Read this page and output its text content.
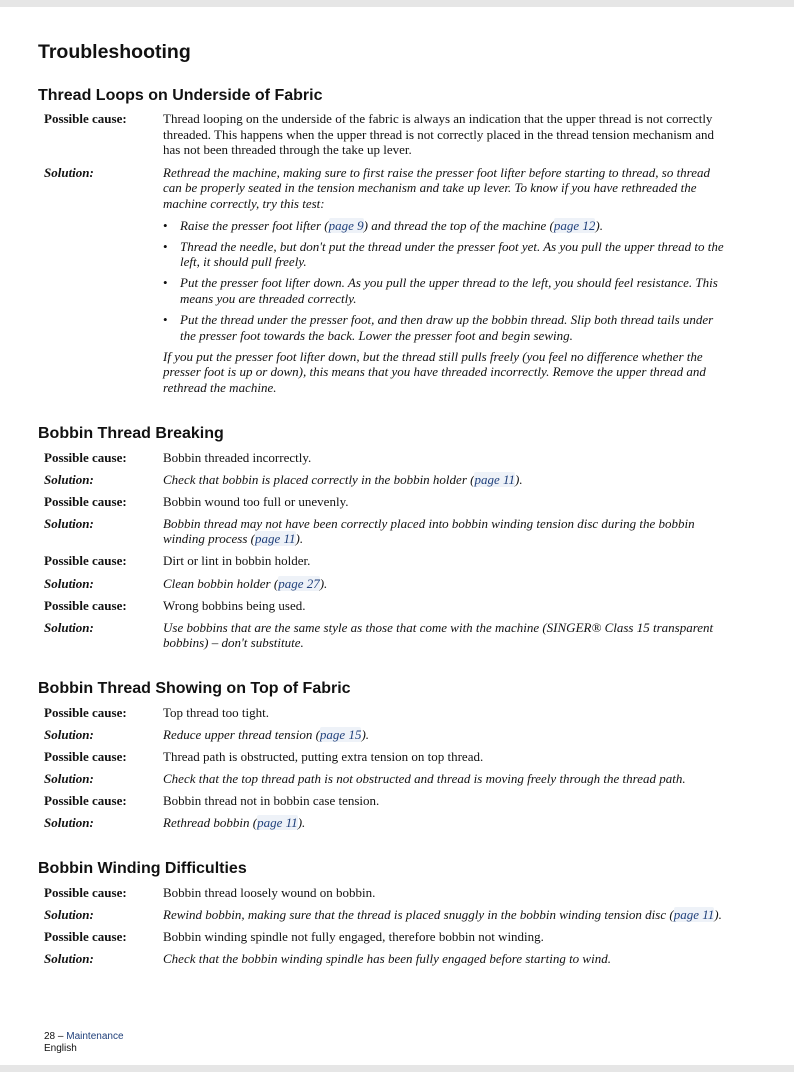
Troubleshooting
Thread Loops on Underside of Fabric
Possible cause:	Thread looping on the underside of the fabric is always an indication that the upper thread is not correctly threaded. This happens when the upper thread is not correctly placed in the thread tension mechanism and has not been threaded through the take up lever.
Solution:	Rethread the machine, making sure to first raise the presser foot lifter before starting to thread, so thread can be properly seated in the tension mechanism and take up lever. To know if you have rethreaded the machine correctly, try this test:
• Raise the presser foot lifter (page 9) and thread the top of the machine (page 12).
• Thread the needle, but don't put the thread under the presser foot yet. As you pull the upper thread to the left, it should pull freely.
• Put the presser foot lifter down. As you pull the upper thread to the left, you should feel resistance. This means you are threaded correctly.
• Put the thread under the presser foot, and then draw up the bobbin thread. Slip both thread tails under the presser foot towards the back. Lower the presser foot and begin sewing.
If you put the presser foot lifter down, but the thread still pulls freely (you feel no difference whether the presser foot is up or down), this means that you have threaded incorrectly. Remove the upper thread and rethread the machine.
Bobbin Thread Breaking
Possible cause:	Bobbin threaded incorrectly.
Solution:	Check that bobbin is placed correctly in the bobbin holder (page 11).
Possible cause:	Bobbin wound too full or unevenly.
Solution:	Bobbin thread may not have been correctly placed into bobbin winding tension disc during the bobbin winding process (page 11).
Possible cause:	Dirt or lint in bobbin holder.
Solution:	Clean bobbin holder (page 27).
Possible cause:	Wrong bobbins being used.
Solution:	Use bobbins that are the same style as those that come with the machine (SINGER® Class 15 transparent bobbins) – don't substitute.
Bobbin Thread Showing on Top of Fabric
Possible cause:	Top thread too tight.
Solution:	Reduce upper thread tension (page 15).
Possible cause:	Thread path is obstructed, putting extra tension on top thread.
Solution:	Check that the top thread path is not obstructed and thread is moving freely through the thread path.
Possible cause:	Bobbin thread not in bobbin case tension.
Solution:	Rethread bobbin (page 11).
Bobbin Winding Difficulties
Possible cause:	Bobbin thread loosely wound on bobbin.
Solution:	Rewind bobbin, making sure that the thread is placed snuggly in the bobbin winding tension disc (page 11).
Possible cause:	Bobbin winding spindle not fully engaged, therefore bobbin not winding.
Solution:	Check that the bobbin winding spindle has been fully engaged before starting to wind.
28 – Maintenance
English
